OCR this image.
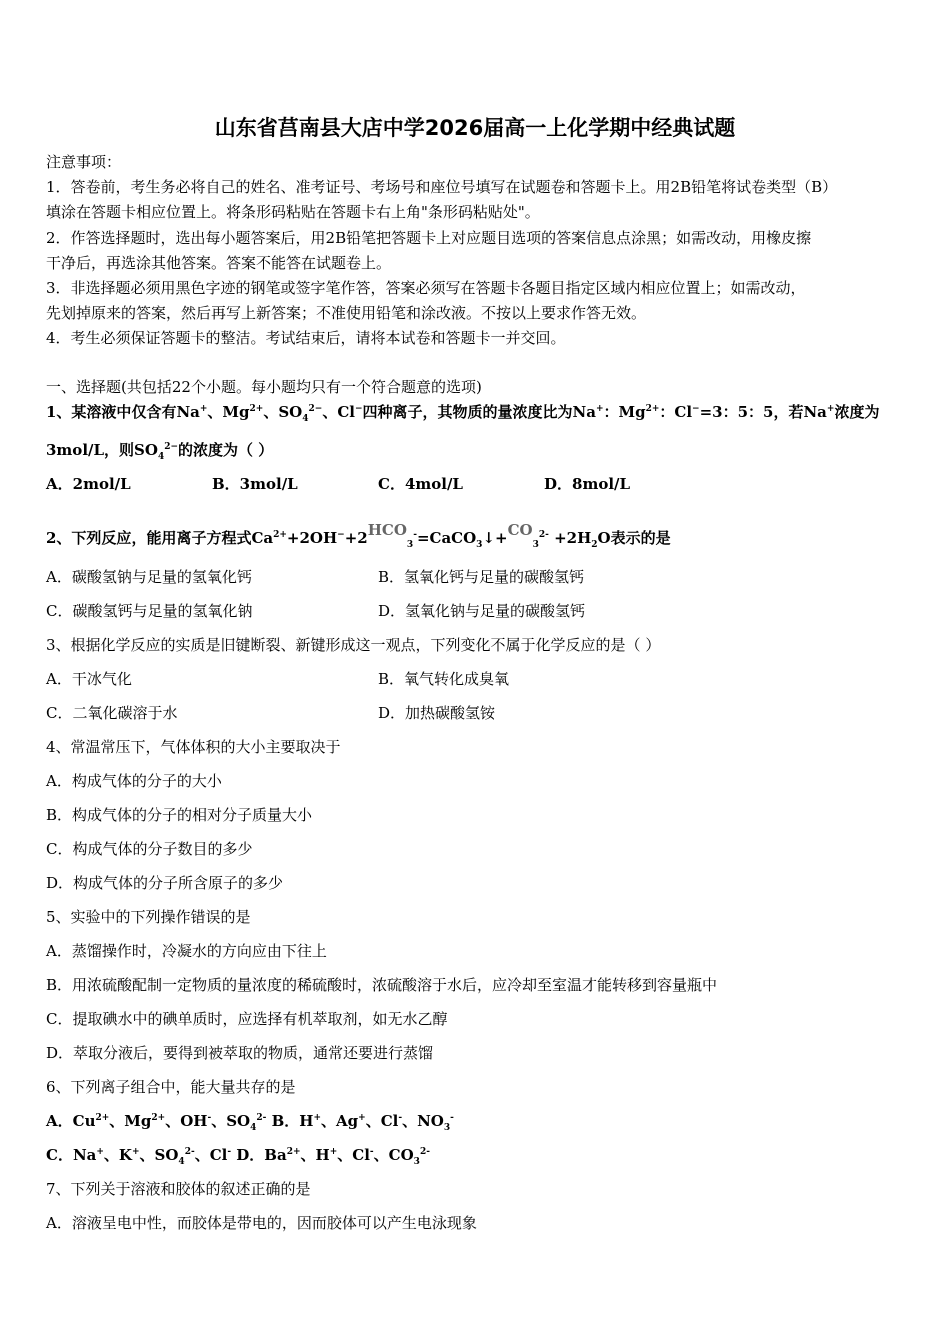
山东省莒南县大店中学2026届高一上化学期中经典试题
注意事项：
1．答卷前，考生务必将自己的姓名、准考证号、考场号和座位号填写在试题卷和答题卡上。用2B铅笔将试卷类型（B）
填涂在答题卡相应位置上。将条形码粘贴在答题卡右上角"条形码粘贴处"。
2．作答选择题时，选出每小题答案后，用2B铅笔把答题卡上对应题目选项的答案信息点涂黑；如需改动，用橡皮擦
干净后，再选涂其他答案。答案不能答在试题卷上。
3．非选择题必须用黑色字迹的钢笔或签字笔作答，答案必须写在答题卡各题目指定区域内相应位置上；如需改动，
先划掉原来的答案，然后再写上新答案；不准使用铅笔和涂改液。不按以上要求作答无效。
4．考生必须保证答题卡的整洁。考试结束后，请将本试卷和答题卡一并交回。
一、选择题(共包括22个小题。每小题均只有一个符合题意的选项)
1、某溶液中仅含有Na+、$Mg^{2+}$、$SO_4^{2-}$、Cl−四种离子，其物质的量浓度比为Na+：$Mg^{2+}$：Cl−=3：5：5，若Na+浓度为
3mol/L，则$SO_4^{2-}$的浓度为（ ）
A．2mol/L	B．3mol/L	C．4mol/L	D．8mol/L
2、下列反应，能用离子方程式$Ca^{2+}+2OH^-+2HCO_3^-=CaCO_3↓+CO_3^{2-} +2H_2O$表示的是
A．碳酸氢钠与足量的氢氧化钙	B．氢氧化钙与足量的碳酸氢钙
C．碳酸氢钙与足量的氢氧化钠	D．氢氧化钠与足量的碳酸氢钙
3、根据化学反应的实质是旧键断裂、新键形成这一观点，下列变化不属于化学反应的是（ ）
A．干冰气化	B．氧气转化成臭氧
C．二氧化碳溶于水	D．加热碳酸氢铵
4、常温常压下，气体体积的大小主要取决于
A．构成气体的分子的大小
B．构成气体的分子的相对分子质量大小
C．构成气体的分子数目的多少
D．构成气体的分子所含原子的多少
5、实验中的下列操作错误的是
A．蒸馏操作时，冷凝水的方向应由下往上
B．用浓硫酸配制一定物质的量浓度的稀硫酸时，浓硫酸溶于水后，应冷却至室温才能转移到容量瓶中
C．提取碘水中的碘单质时，应选择有机萃取剂，如无水乙醇
D．萃取分液后，要得到被萃取的物质，通常还要进行蒸馏
6、下列离子组合中，能大量共存的是
A．$Cu^{2+}$、$Mg^{2+}$、OH-、$SO_4^{2-}$ B．H+、Ag+、Cl-、$NO_3^-$
C．Na+、K+、$SO_4^{2-}$、Cl- D．$Ba^{2+}$、H+、Cl-、$CO_3^{2-}$
7、下列关于溶液和胶体的叙述正确的是
A．溶液呈电中性，而胶体是带电的，因而胶体可以产生电泳现象
